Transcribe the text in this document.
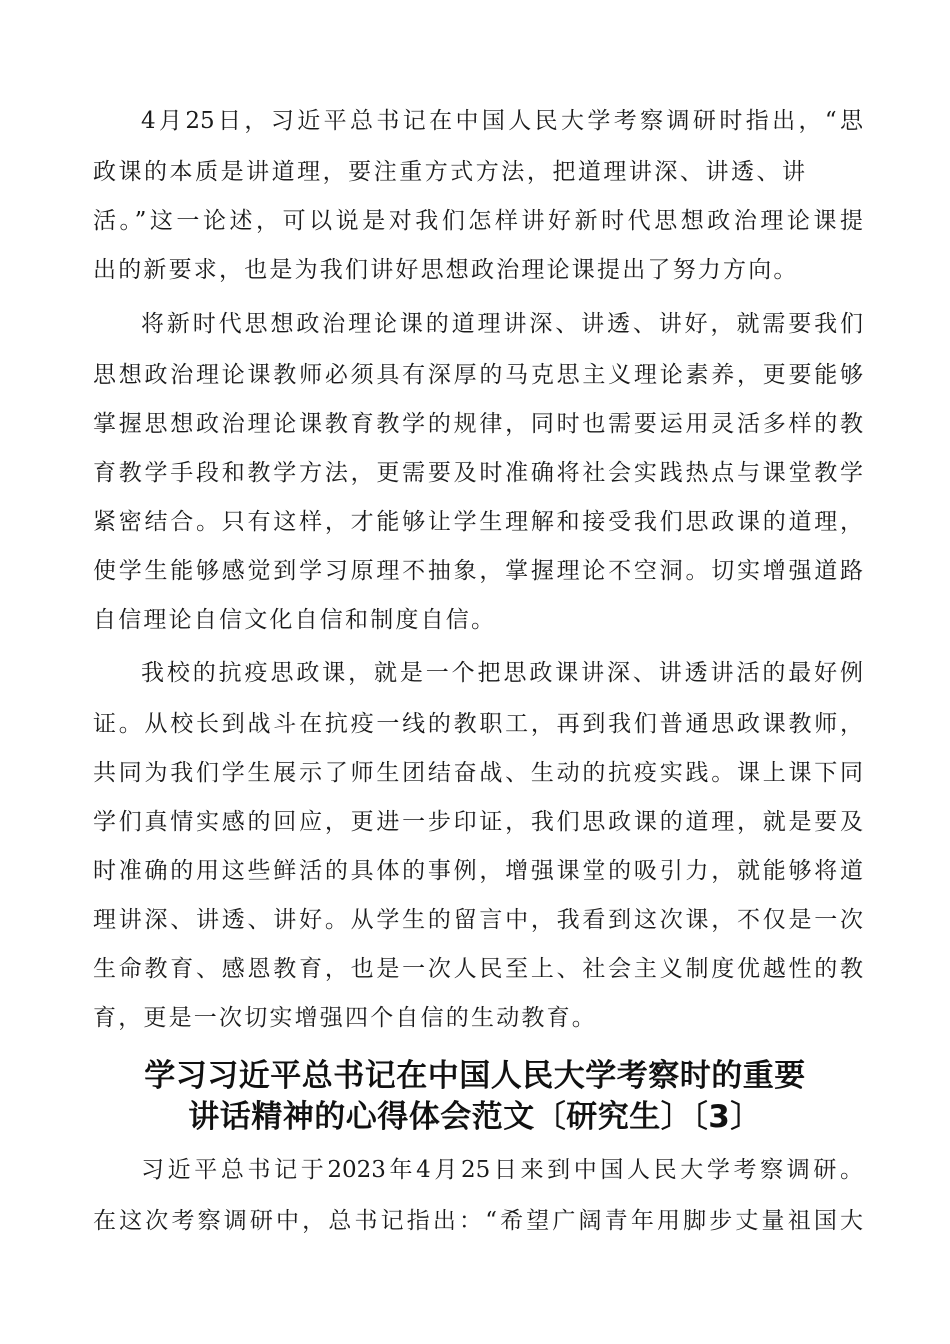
4月25日，习近平总书记在中国人民大学考察调研时指出，“思
政课的本质是讲道理，要注重方式方法，把道理讲深、讲透、讲
活。”这一论述，可以说是对我们怎样讲好新时代思想政治理论课提
出的新要求，也是为我们讲好思想政治理论课提出了努力方向。
将新时代思想政治理论课的道理讲深、讲透、讲好，就需要我们
思想政治理论课教师必须具有深厚的马克思主义理论素养，更要能够
掌握思想政治理论课教育教学的规律，同时也需要运用灵活多样的教
育教学手段和教学方法，更需要及时准确将社会实践热点与课堂教学
紧密结合。只有这样，才能够让学生理解和接受我们思政课的道理，
使学生能够感觉到学习原理不抽象，掌握理论不空洞。切实增强道路
自信理论自信文化自信和制度自信。
我校的抗疫思政课，就是一个把思政课讲深、讲透讲活的最好例
证。从校长到战斗在抗疫一线的教职工，再到我们普通思政课教师，
共同为我们学生展示了师生团结奋战、生动的抗疫实践。课上课下同
学们真情实感的回应，更进一步印证，我们思政课的道理，就是要及
时准确的用这些鲜活的具体的事例，增强课堂的吸引力，就能够将道
理讲深、讲透、讲好。从学生的留言中，我看到这次课，不仅是一次
生命教育、感恩教育，也是一次人民至上、社会主义制度优越性的教
育，更是一次切实增强四个自信的生动教育。
学习习近平总书记在中国人民大学考察时的重要
讲话精神的心得体会范文〔研究生〕〔3〕
习近平总书记于2023年4月25日来到中国人民大学考察调研。
在这次考察调研中，总书记指出：“希望广阔青年用脚步丈量祖国大
